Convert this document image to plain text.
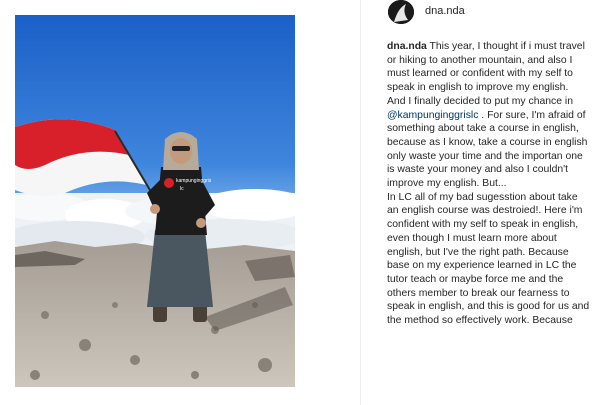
kampunginggris
lc
dna.nda
dna.nda This year, I thought if i must travel
or hiking to another mountain, and also I
must learned or confident with my self to
speak in english to improve my english.
And I finally decided to put my chance in
@kampunginggrislc . For sure, I'm afraid of
something about take a course in english,
because as I know, take a course in english
only waste your time and the importan one
is waste your money and also I couldn't
improve my english. But...
In LC all of my bad sugesstion about take
an english course was destroied!. Here i'm
confident with my self to speak in english,
even though I must learn more about
english, but I've the right path. Because
base on my experience learned in LC the
tutor teach or maybe force me and the
others member to break our fearness to
speak in english, and this is good for us and
the method so effectively work. Because
